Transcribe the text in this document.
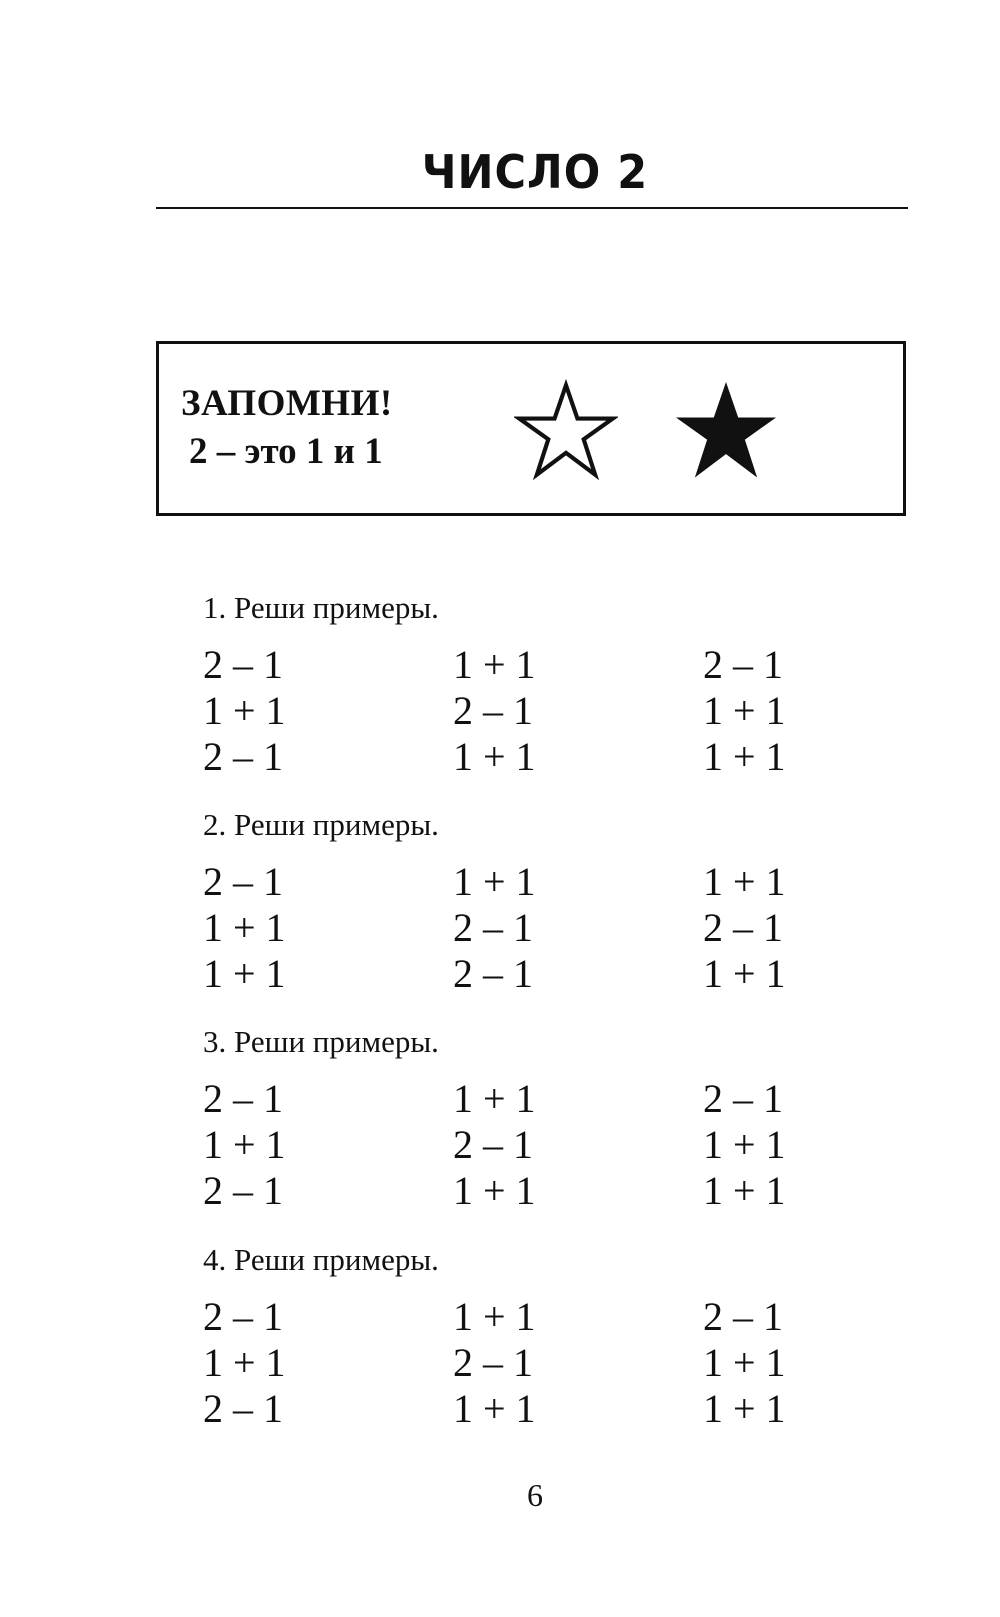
ЧИСЛО 2
ЗАПОМНИ!
2 – это 1 и 1
1. Реши примеры.
2 – 1	1 + 1	2 – 1
1 + 1	2 – 1	1 + 1
2 – 1	1 + 1	1 + 1
2. Реши примеры.
2 – 1	1 + 1	1 + 1
1 + 1	2 – 1	2 – 1
1 + 1	2 – 1	1 + 1
3. Реши примеры.
2 – 1	1 + 1	2 – 1
1 + 1	2 – 1	1 + 1
2 – 1	1 + 1	1 + 1
4. Реши примеры.
2 – 1	1 + 1	2 – 1
1 + 1	2 – 1	1 + 1
2 – 1	1 + 1	1 + 1
6
